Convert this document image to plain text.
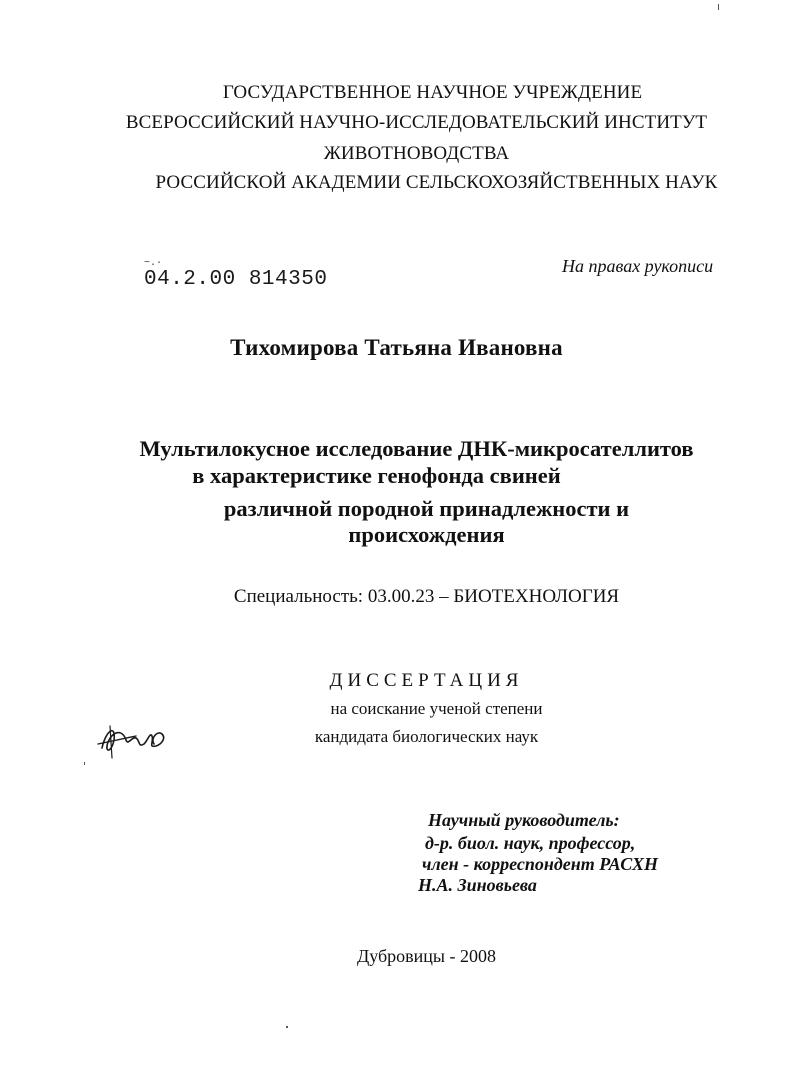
ГОСУДАРСТВЕННОЕ НАУЧНОЕ УЧРЕЖДЕНИЕ
ВСЕРОССИЙСКИЙ НАУЧНО-ИССЛЕДОВАТЕЛЬСКИЙ ИНСТИТУТ
ЖИВОТНОВОДСТВА
РОССИЙСКОЙ АКАДЕМИИ СЕЛЬСКОХОЗЯЙСТВЕННЫХ НАУК
~.·
04.2.00 814350
На правах рукописи
Тихомирова Татьяна Ивановна
Мультилокусное исследование ДНК-микросателлитов
в характеристике генофонда свиней
различной породной принадлежности и
происхождения
Специальность: 03.00.23 – БИОТЕХНОЛОГИЯ
ДИССЕРТАЦИЯ
на соискание ученой степени
кандидата биологических наук
Научный руководитель:
д-р. биол. наук, профессор,
член - корреспондент РАСХН
Н.А. Зиновьева
Дубровицы - 2008
